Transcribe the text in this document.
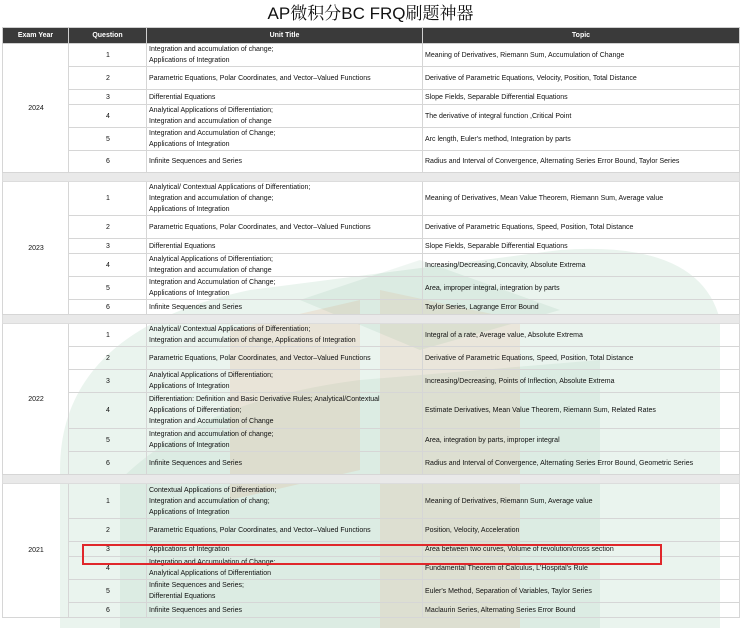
AP微积分BC FRQ刷题神器
Exam Year	Question	Unit Title	Topic
2024	1	Integration and accumulation of change;
Applications of Integration	Meaning of Derivatives, Riemann Sum, Accumulation of Change
	2	Parametric Equations, Polar Coordinates, and Vector–Valued Functions	Derivative of Parametric Equations, Velocity, Position, Total Distance
	3	Differential Equations	Slope Fields, Separable Differential Equations
	4	Analytical Applications of Differentiation;
Integration and accumulation of change	The derivative of integral function ,Critical Point
	5	Integration and Accumulation of Change;
Applications of Integration	Arc length, Euler's method, Integration by parts
	6	Infinite Sequences and Series	Radius and Interval of Convergence, Alternating Series Error Bound, Taylor Series

2023	1	Analytical/ Contextual Applications of Differentiation;
Integration and accumulation of change;
Applications of Integration	Meaning of Derivatives, Mean Value Theorem, Riemann Sum, Average value
	2	Parametric Equations, Polar Coordinates, and Vector–Valued Functions	Derivative of Parametric Equations, Speed, Position, Total Distance
	3	Differential Equations	Slope Fields, Separable Differential Equations
	4	Analytical Applications of Differentiation;
Integration and accumulation of change	Increasing/Decreasing,Concavity, Absolute Extrema
	5	Integration and Accumulation of Change;
Applications of Integration	Area, improper integral, integration by parts
	6	Infinite Sequences and Series	Taylor Series, Lagrange Error Bound

2022	1	Analytical/ Contextual Applications of Differentiation;
Integration and accumulation of change, Applications of Integration	Integral of a rate, Average value, Absolute Extrema
	2	Parametric Equations, Polar Coordinates, and Vector–Valued Functions	Derivative of Parametric Equations, Speed, Position, Total Distance
	3	Analytical Applications of Differentiation;
Applications of Integration	Increasing/Decreasing, Points of Inflection, Absolute Extrema
	4	Differentiation: Definition and Basic Derivative Rules; Analytical/Contextual
Applications of Differentiation;
Integration and Accumulation of Change	Estimate Derivatives, Mean Value Theorem, Riemann Sum, Related Rates
	5	Integration and accumulation of change;
Applications of Integration	Area, integration by parts, improper integral
	6	Infinite Sequences and Series	Radius and Interval of Convergence, Alternating Series Error Bound, Geometric Series

2021	1	Contextual Applications of Differentiation;
Integration and accumulation of chang;
Applications of Integration	Meaning of Derivatives, Riemann Sum, Average value
	2	Parametric Equations, Polar Coordinates, and Vector–Valued Functions	Position, Velocity, Acceleration
	3	Applications of Integration	Area between two curves, Volume of revolution/cross section
	4	Integration and Accumulation of Change;
Analytical Applications of Differentiation	Fundamental Theorem of Calculus, L'Hospital's Rule
	5	Infinite Sequences and Series;
Differential Equations	Euler's Method, Separation of Variables, Taylor Series
	6	Infinite Sequences and Series	Maclaurin Series, Alternating Series Error Bound
